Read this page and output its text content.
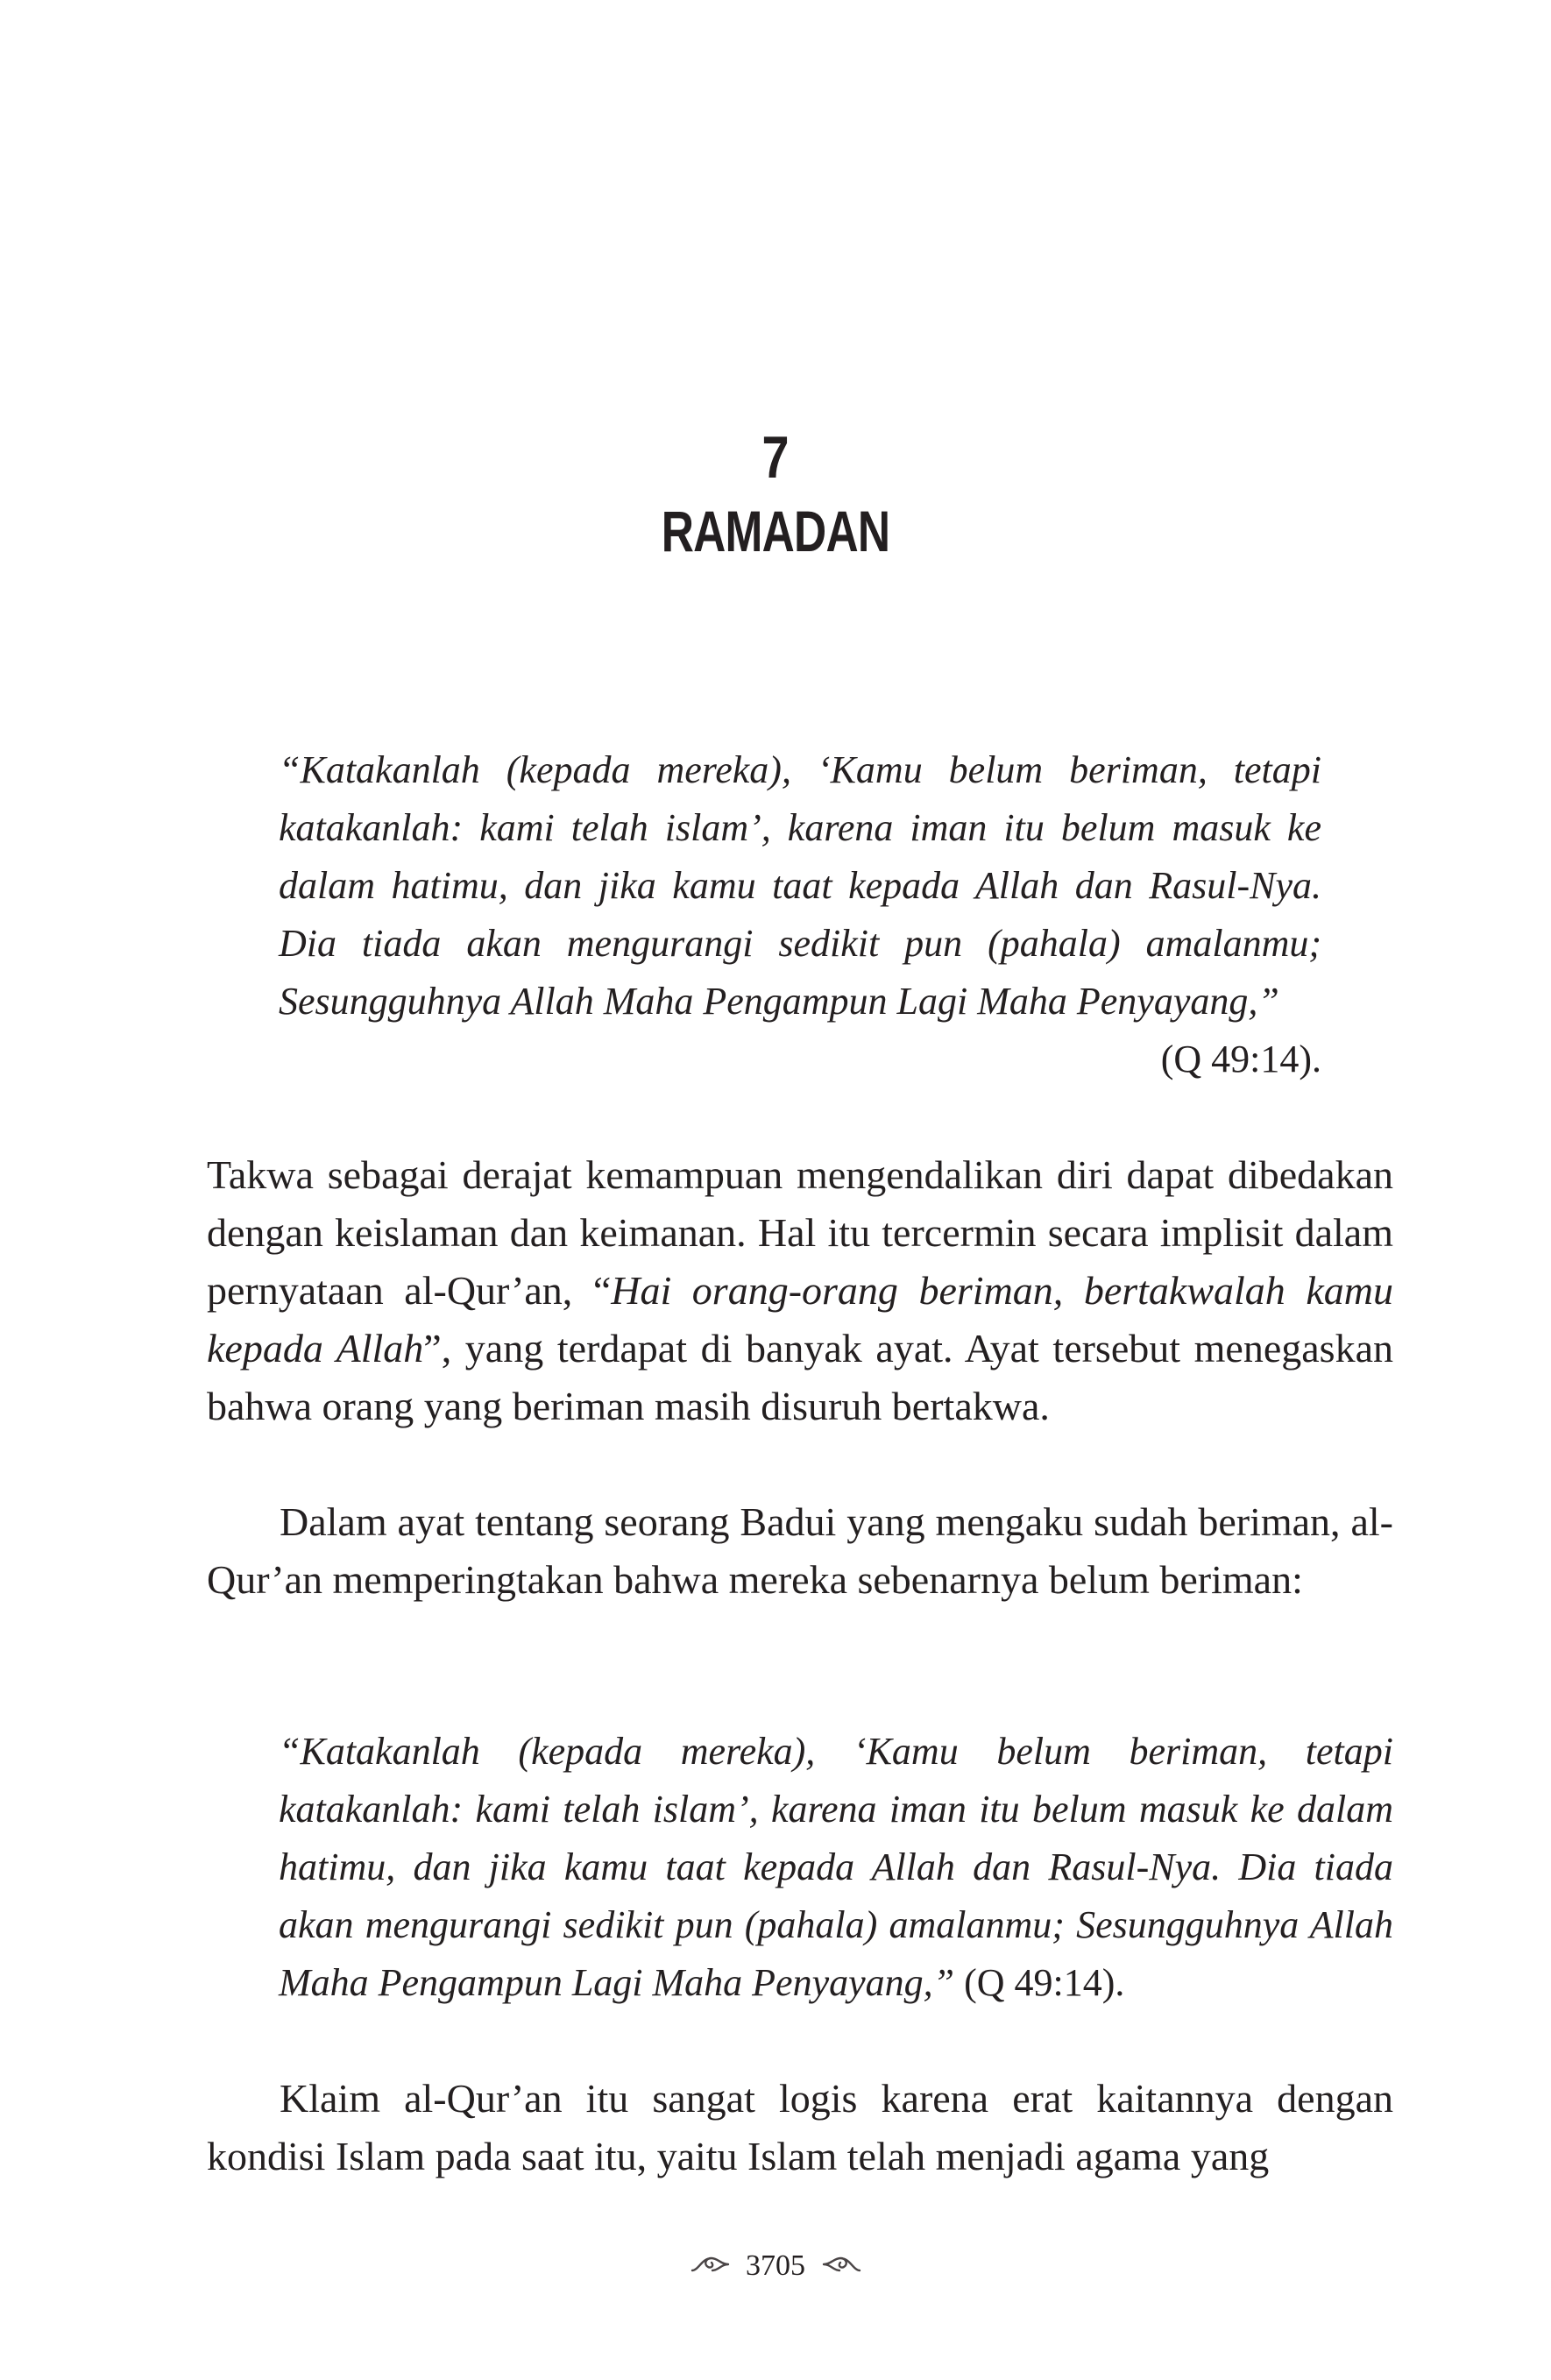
7
RAMADAN

“Katakanlah (kepada mereka), ‘Kamu belum beriman, tetapi katakanlah: kami telah islam’, karena iman itu belum masuk ke dalam hatimu, dan jika kamu taat kepada Allah dan Rasul-Nya. Dia tiada akan mengurangi sedikit pun (pahala) amalanmu; Sesungguhnya Allah Maha Pengampun Lagi Maha Penyayang,”

(Q 49:14).

Takwa sebagai derajat kemampuan mengendalikan diri dapat dibedakan dengan keislaman dan keimanan. Hal itu tercermin secara implisit dalam pernyataan al-Qur’an, “Hai orang-orang beriman, bertakwalah kamu kepada Allah”, yang terdapat di banyak ayat. Ayat tersebut menegaskan bahwa orang yang beriman masih disuruh bertakwa.

Dalam ayat tentang seorang Badui yang mengaku sudah beriman, al-Qur’an memperingtakan bahwa mereka sebenarnya belum beriman:

“Katakanlah (kepada mereka), ‘Kamu belum beriman, tetapi katakanlah: kami telah islam’, karena iman itu belum masuk ke dalam hatimu, dan jika kamu taat kepada Allah dan Rasul-Nya. Dia tiada akan mengurangi sedikit pun (pahala) amalanmu; Sesungguhnya Allah Maha Pengampun Lagi Maha Penyayang,” (Q 49:14).

Klaim al-Qur’an itu sangat logis karena erat kaitannya dengan kondisi Islam pada saat itu, yaitu Islam telah menjadi agama yang

3705
